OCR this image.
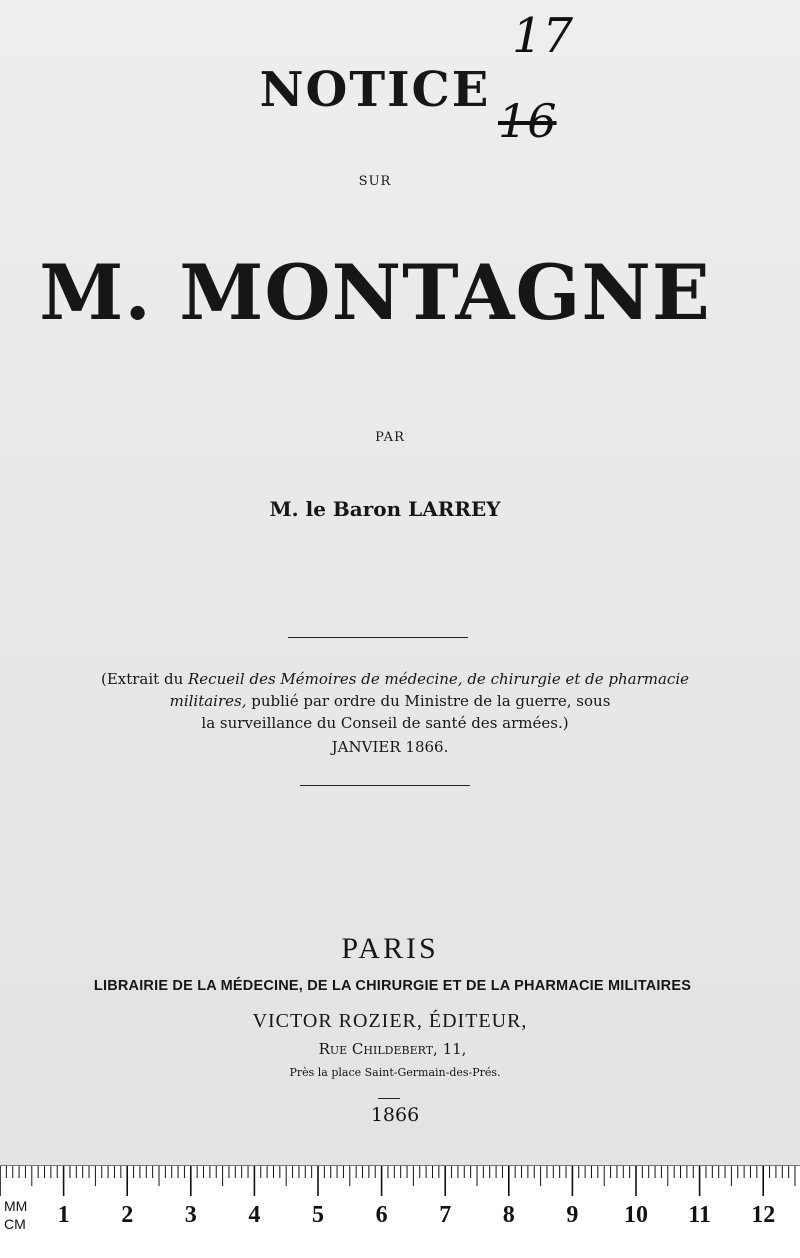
17
16
NOTICE
SUR
M. MONTAGNE
PAR
M. le Baron LARREY
(Extrait du Recueil des Mémoires de médecine, de chirurgie et de pharmacie
militaires, publié par ordre du Ministre de la guerre, sous
la surveillance du Conseil de santé des armées.)
JANVIER 1866.
PARIS
LIBRAIRIE DE LA MÉDECINE, DE LA CHIRURGIE ET DE LA PHARMACIE MILITAIRES
VICTOR ROZIER, ÉDITEUR,
Rue Childebert, 11,
Près la place Saint-Germain-des-Prés.
1866
MM
CM 1 2 3 4 5 6 7 8 9 10 11 12
